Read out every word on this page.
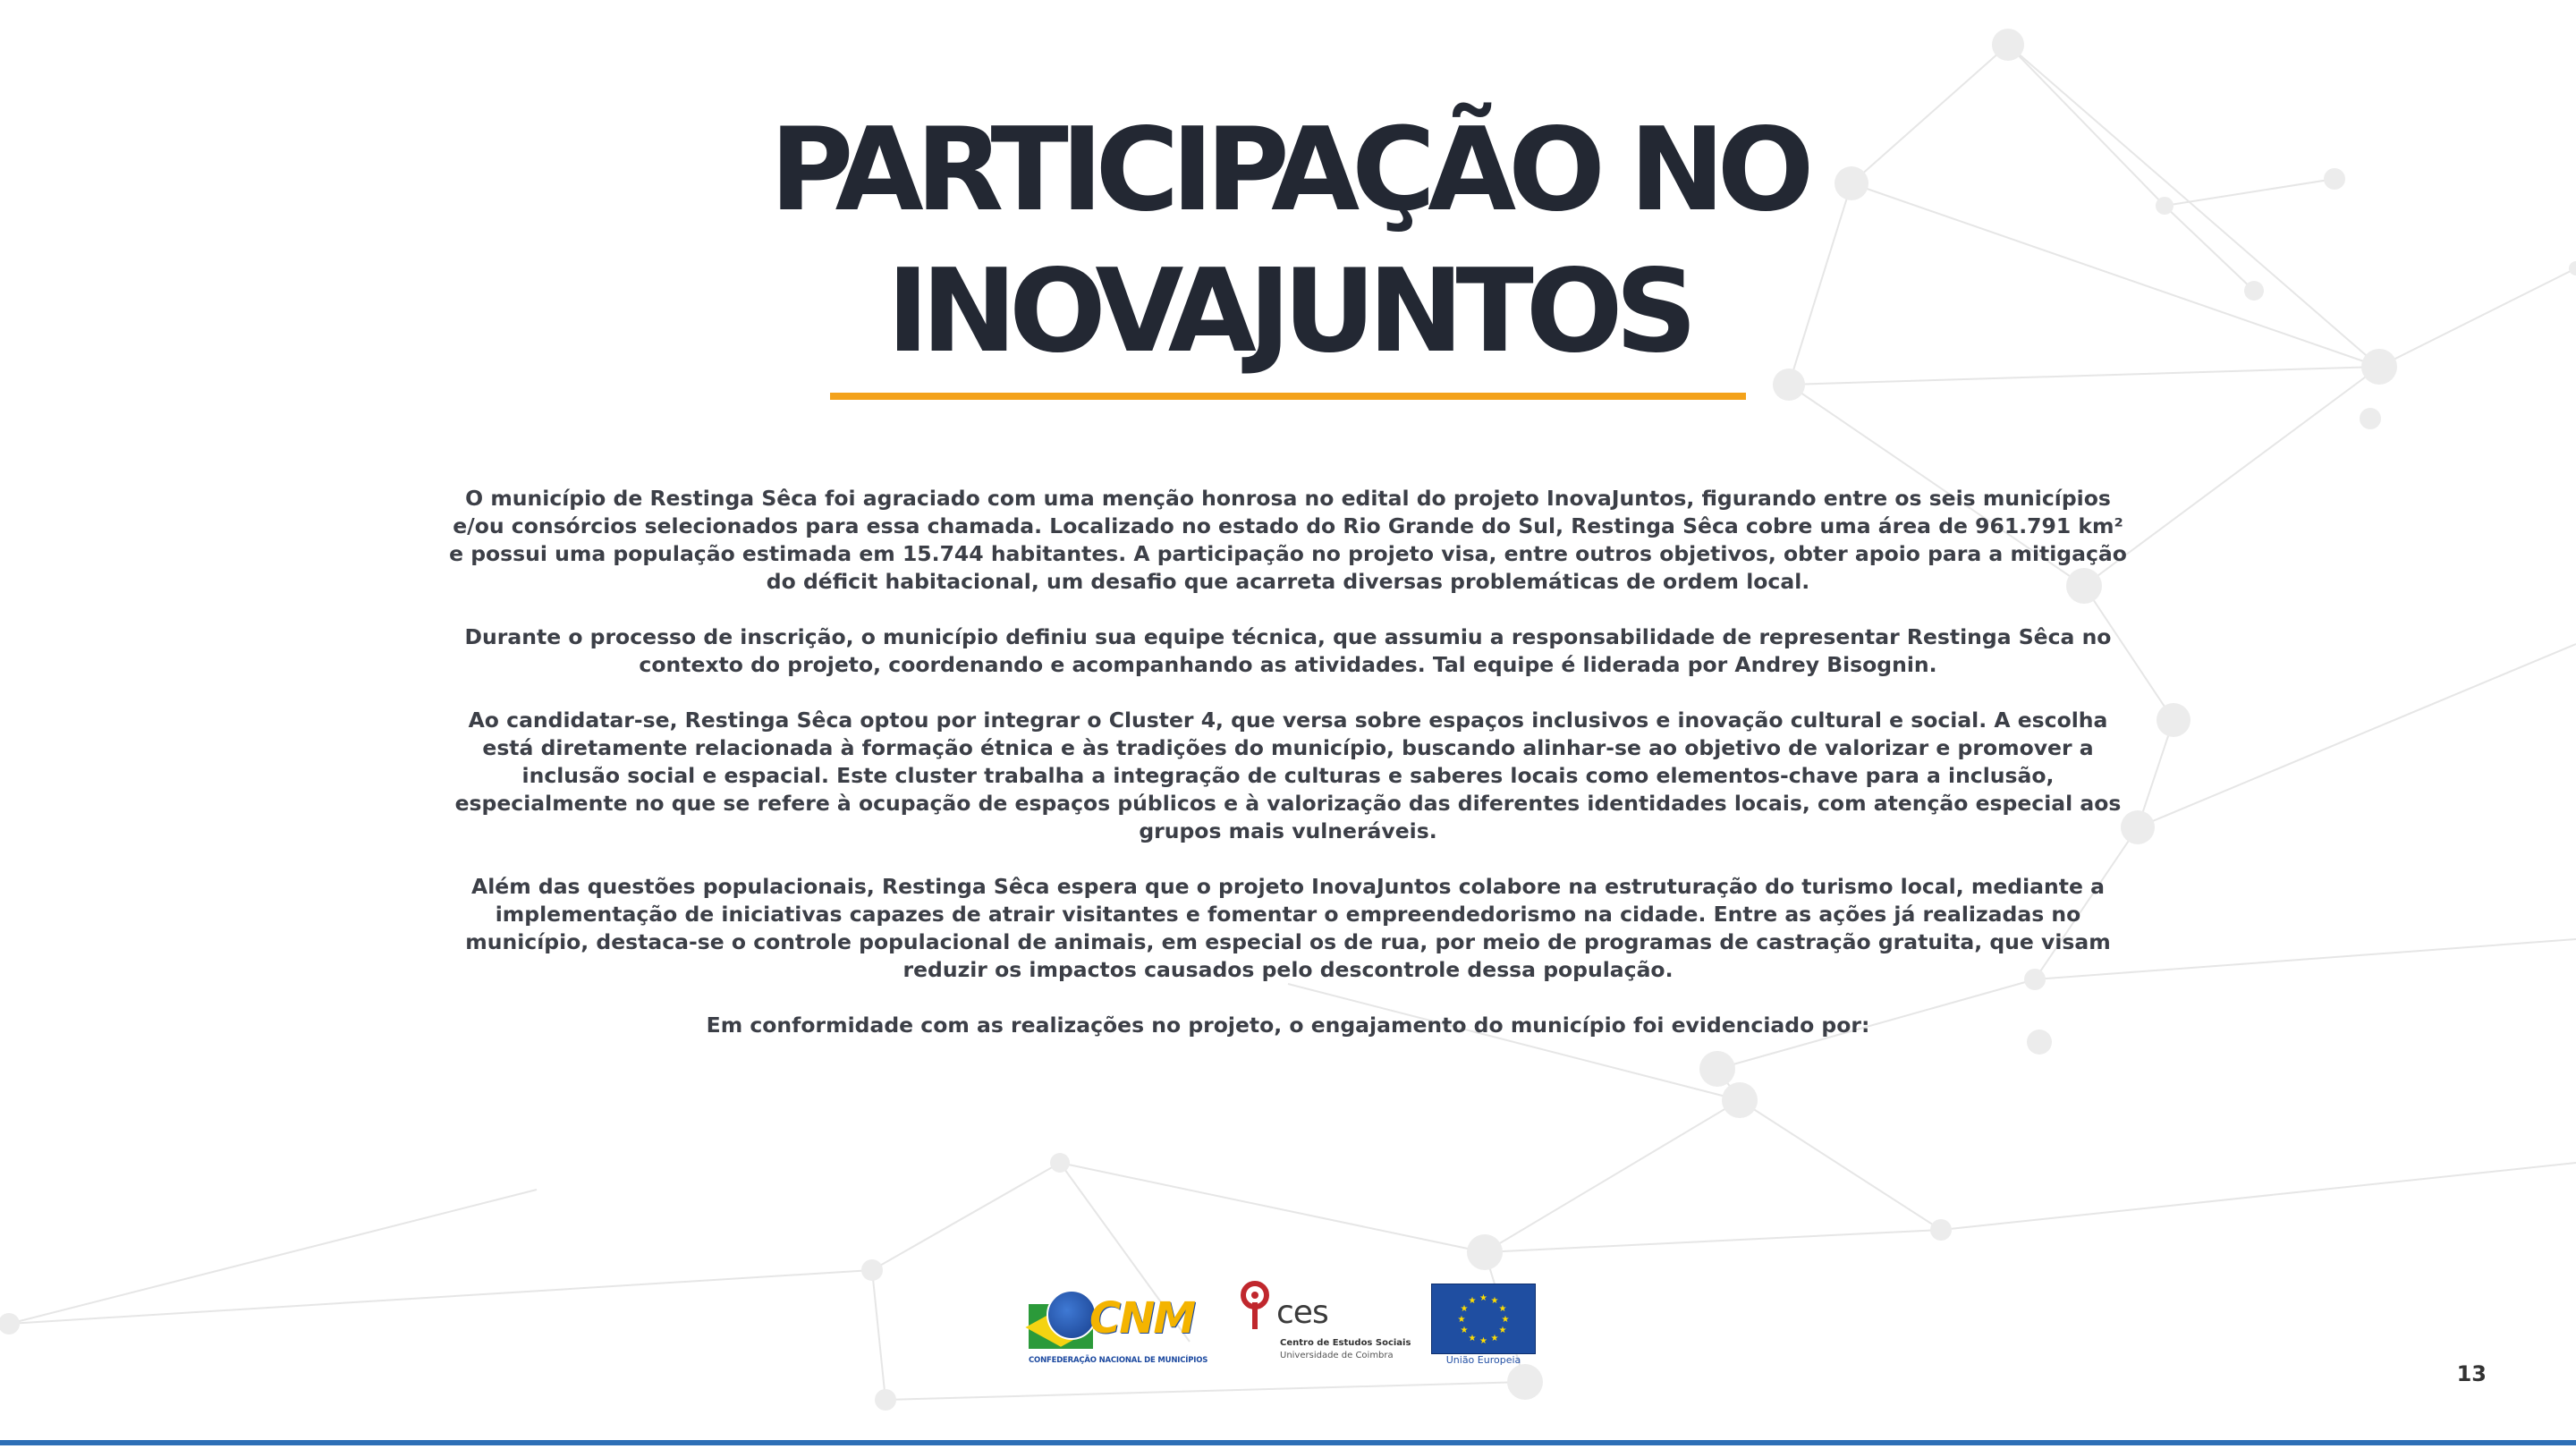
PARTICIPAÇÃO NO
INOVAJUNTOS

O município de Restinga Sêca foi agraciado com uma menção honrosa no edital do projeto InovaJuntos, figurando entre os seis municípios e/ou consórcios selecionados para essa chamada. Localizado no estado do Rio Grande do Sul, Restinga Sêca cobre uma área de 961.791 km² e possui uma população estimada em 15.744 habitantes. A participação no projeto visa, entre outros objetivos, obter apoio para a mitigação do déficit habitacional, um desafio que acarreta diversas problemáticas de ordem local.

Durante o processo de inscrição, o município definiu sua equipe técnica, que assumiu a responsabilidade de representar Restinga Sêca no contexto do projeto, coordenando e acompanhando as atividades. Tal equipe é liderada por Andrey Bisognin.

Ao candidatar-se, Restinga Sêca optou por integrar o Cluster 4, que versa sobre espaços inclusivos e inovação cultural e social. A escolha está diretamente relacionada à formação étnica e às tradições do município, buscando alinhar-se ao objetivo de valorizar e promover a inclusão social e espacial. Este cluster trabalha a integração de culturas e saberes locais como elementos-chave para a inclusão, especialmente no que se refere à ocupação de espaços públicos e à valorização das diferentes identidades locais, com atenção especial aos grupos mais vulneráveis.

Além das questões populacionais, Restinga Sêca espera que o projeto InovaJuntos colabore na estruturação do turismo local, mediante a implementação de iniciativas capazes de atrair visitantes e fomentar o empreendedorismo na cidade. Entre as ações já realizadas no município, destaca-se o controle populacional de animais, em especial os de rua, por meio de programas de castração gratuita, que visam reduzir os impactos causados pelo descontrole dessa população.

Em conformidade com as realizações no projeto, o engajamento do município foi evidenciado por:

CNM
CONFEDERAÇÃO NACIONAL DE MUNICÍPIOS
ces
Centro de Estudos Sociais
Universidade de Coimbra
★ ★
★
★
★
★
★
★
★
★
★
★
União Europeia
13
